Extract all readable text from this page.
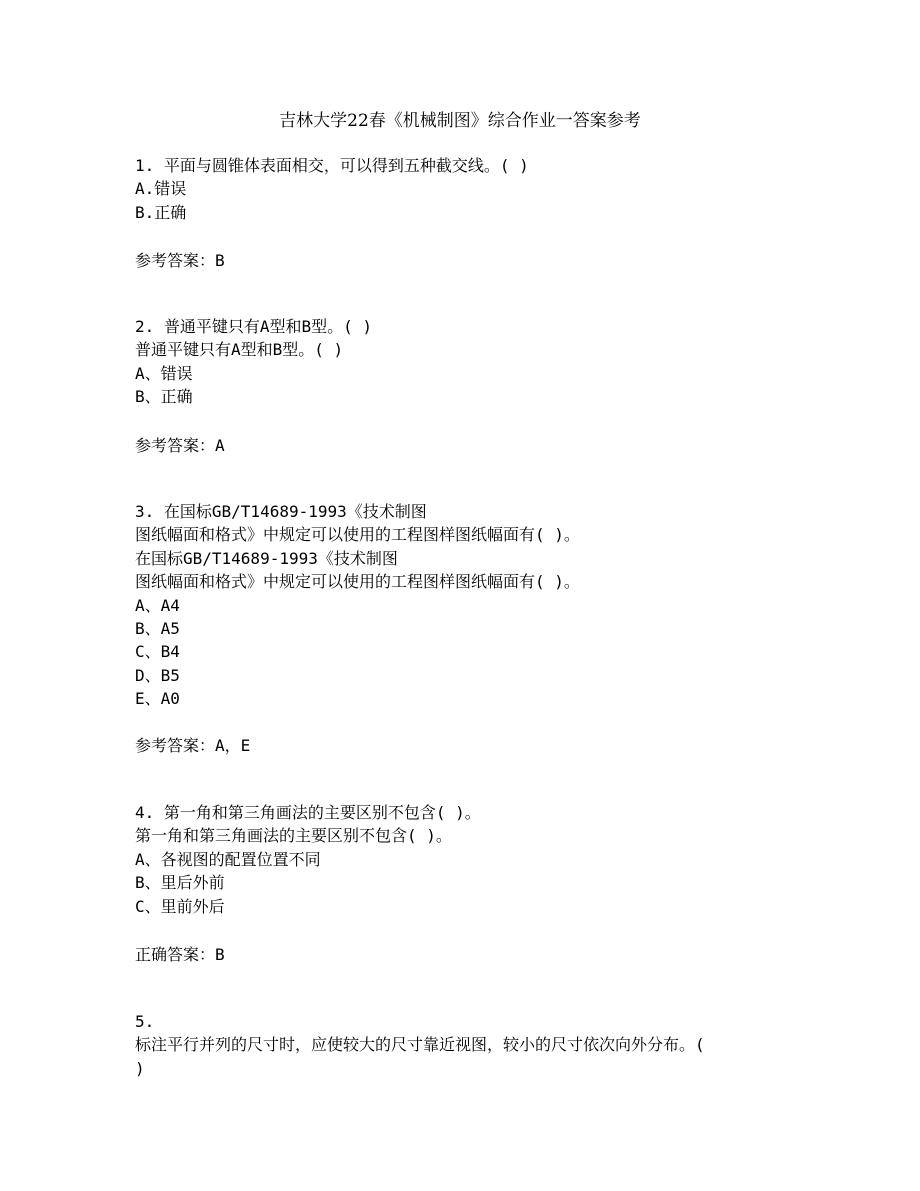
吉林大学22春《机械制图》综合作业一答案参考
1. 平面与圆锥体表面相交，可以得到五种截交线。( )
A.错误
B.正确
参考答案：B
2. 普通平键只有A型和B型。( )
普通平键只有A型和B型。( )
A、错误
B、正确
参考答案：A
3. 在国标GB/T14689-1993《技术制图
图纸幅面和格式》中规定可以使用的工程图样图纸幅面有( )。
在国标GB/T14689-1993《技术制图
图纸幅面和格式》中规定可以使用的工程图样图纸幅面有( )。
A、A4
B、A5
C、B4
D、B5
E、A0
参考答案：A，E
4. 第一角和第三角画法的主要区别不包含( )。
第一角和第三角画法的主要区别不包含( )。
A、各视图的配置位置不同
B、里后外前
C、里前外后
正确答案：B
5.
标注平行并列的尺寸时，应使较大的尺寸靠近视图，较小的尺寸依次向外分布。(
)
